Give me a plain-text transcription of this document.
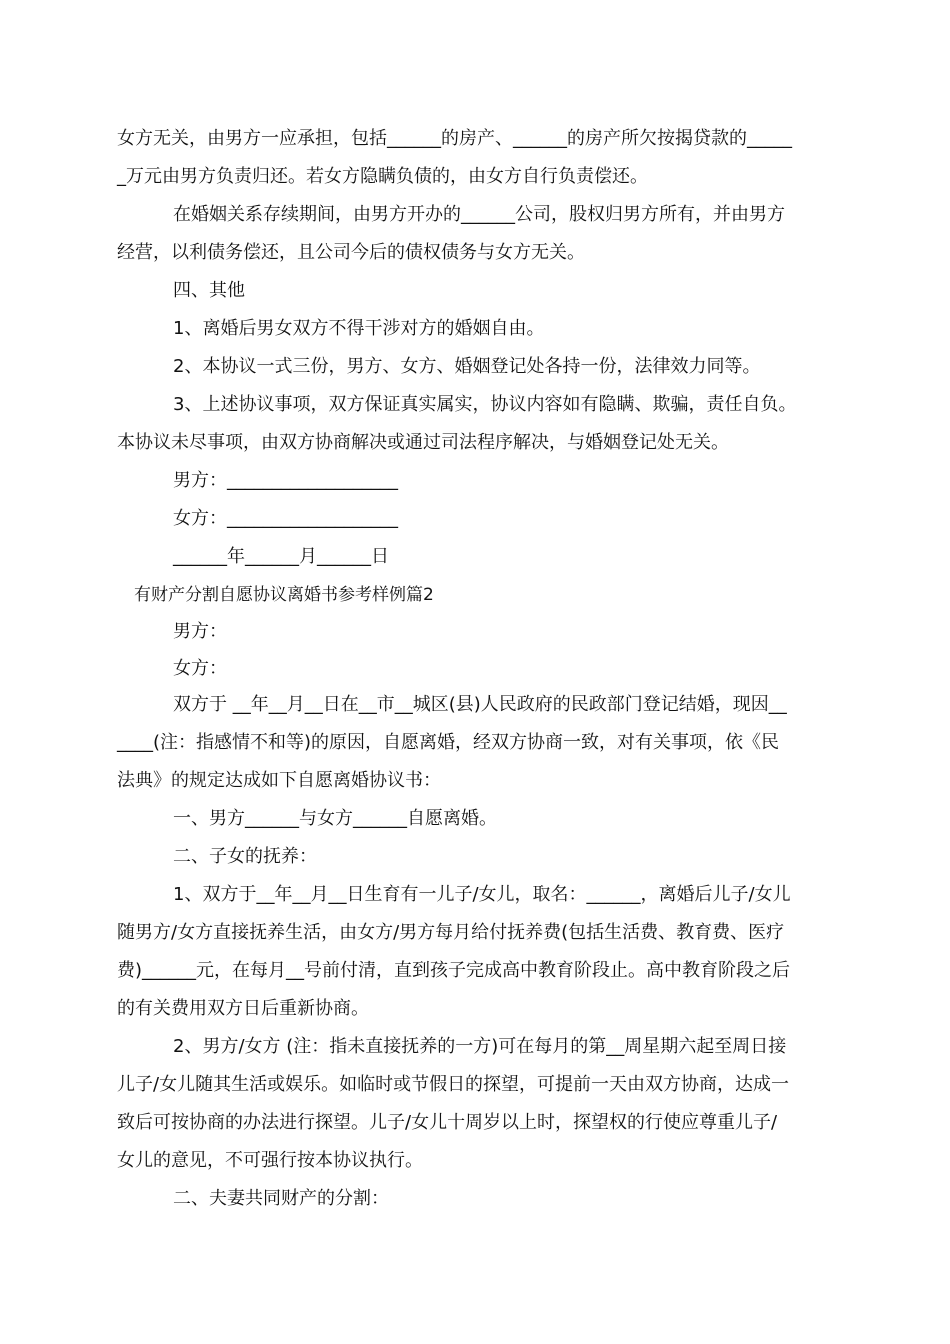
女方无关，由男方一应承担，包括______的房产、______的房产所欠按揭贷款的_____

_万元由男方负责归还。若女方隐瞒负债的，由女方自行负责偿还。

在婚姻关系存续期间，由男方开办的______公司，股权归男方所有，并由男方

经营，以利债务偿还，且公司今后的债权债务与女方无关。

四、其他

1、离婚后男女双方不得干涉对方的婚姻自由。

2、本协议一式三份，男方、女方、婚姻登记处各持一份，法律效力同等。

3、上述协议事项，双方保证真实属实，协议内容如有隐瞒、欺骗，责任自负。

本协议未尽事项，由双方协商解决或通过司法程序解决，与婚姻登记处无关。

男方：___________________

女方：___________________

______年______月______日

有财产分割自愿协议离婚书参考样例篇2

男方：

女方：

双方于 __年__月__日在__市__城区(县)人民政府的民政部门登记结婚，现因__

____(注：指感情不和等)的原因，自愿离婚，经双方协商一致，对有关事项，依《民

法典》的规定达成如下自愿离婚协议书：

一、男方______与女方______自愿离婚。

二、子女的抚养：

1、双方于__年__月__日生育有一儿子/女儿，取名：______，离婚后儿子/女儿

随男方/女方直接抚养生活，由女方/男方每月给付抚养费(包括生活费、教育费、医疗

费)______元，在每月__号前付清，直到孩子完成高中教育阶段止。高中教育阶段之后

的有关费用双方日后重新协商。

2、男方/女方 (注：指未直接抚养的一方)可在每月的第__周星期六起至周日接

儿子/女儿随其生活或娱乐。如临时或节假日的探望，可提前一天由双方协商，达成一

致后可按协商的办法进行探望。儿子/女儿十周岁以上时，探望权的行使应尊重儿子/

女儿的意见，不可强行按本协议执行。

二、夫妻共同财产的分割：
